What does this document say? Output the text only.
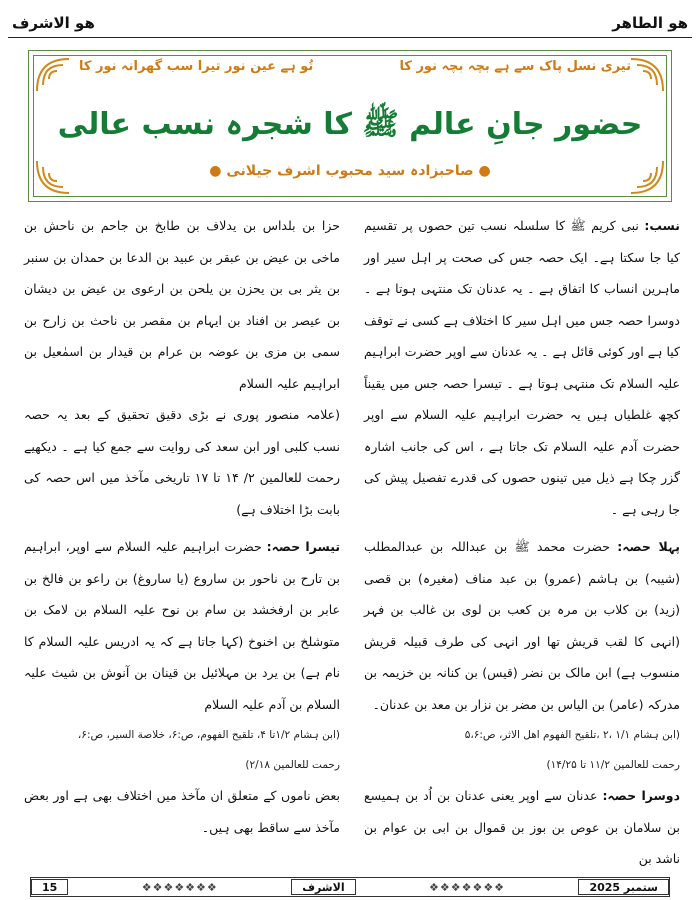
هو الطاهر
هو الاشرف
تیری نسل پاک سے ہے بچہ بچہ نور کا
تُو ہے عین نور تیرا سب گھرانہ نور کا
حضور جانِ عالم ﷺ کا شجرہ نسب عالی
● صاحبزادہ سید محبوب اشرف جیلانی ●

نسب: نبی کریم ﷺ کا سلسلہ نسب تین حصوں پر تقسیم کیا جا سکتا ہے۔ ایک حصہ جس کی صحت پر اہل سیر اور ماہرین انساب کا اتفاق ہے ۔ یہ عدنان تک منتہی ہوتا ہے ۔ دوسرا حصہ جس میں اہل سیر کا اختلاف ہے کسی نے توقف کیا ہے اور کوئی قائل ہے ۔ یہ عدنان سے اوپر حضرت ابراہیم علیہ السلام تک منتہی ہوتا ہے ۔ تیسرا حصہ جس میں یقیناً کچھ غلطیاں ہیں یہ حضرت ابراہیم علیہ السلام سے اوپر حضرت آدم علیہ السلام تک جاتا ہے ، اس کی جانب اشارہ گزر چکا ہے ذیل میں تینوں حصوں کی قدرے تفصیل پیش کی جا رہی ہے ۔

پہلا حصہ: حضرت محمد ﷺ بن عبداللہ بن عبدالمطلب (شیبہ) بن ہاشم (عمرو) بن عبد مناف (مغیرہ) بن قصی (زید) بن کلاب بن مرہ بن کعب بن لوی بن غالب بن فہر (انہی کا لقب قریش تھا اور انہی کی طرف قبیلہ قریش منسوب ہے) ابن مالک بن نضر (قیس) بن کنانہ بن خزیمہ بن مدرکہ (عامر) بن الیاس بن مضر بن نزار بن معد بن عدنان۔

(ابن ہشام ۱/۱ ،۲ ،تلقیح الفهوم اهل الاثر، ص:۵،۶

رحمت للعالمین ۱۱/۲ تا ۱۴/۲۵)

دوسرا حصہ: عدنان سے اوپر یعنی عدنان بن اُد بن ہمیسع بن سلامان بن عوص بن بوز بن قموال بن ابی بن عوام بن ناشد بن

حزا بن بلداس بن یدلاف بن طابخ بن جاحم بن ناحش بن ماخی بن عیض بن عبقر بن عبید بن الدعا بن حمدان بن سنبر بن یثر بی بن یحزن بن یلحن بن ارعوی بن عیض بن دیشان بن عیصر بن افناد بن ایہام بن مقصر بن ناحث بن زارح بن سمی بن مزی بن عوضہ بن عرام بن قیدار بن اسمٰعیل بن ابراہیم علیہ السلام

(علامہ منصور پوری نے بڑی دقیق تحقیق کے بعد یہ حصہ نسب کلبی اور ابن سعد کی روایت سے جمع کیا ہے ۔ دیکھیے رحمت للعالمین ۲/ ۱۴ تا ۱۷ تاریخی مآخذ میں اس حصہ کی بابت بڑا اختلاف ہے)

تیسرا حصہ: حضرت ابراہیم علیہ السلام سے اوپر، ابراہیم بن تارح بن ناحور بن ساروع (یا ساروغ) بن راعو بن فالخ بن عابر بن ارفخشد بن سام بن نوح علیہ السلام بن لامک بن متوشلخ بن اخنوخ (کہا جاتا ہے کہ یہ ادریس علیہ السلام کا نام ہے) بن یرد بن مہلائیل بن قینان بن آنوش بن شیث علیہ السلام بن آدم علیہ السلام

(ابن ہشام ۱/۲تا ۴، تلقیح الفهوم، ص:۶، خلاصة السیر، ص:۶،

رحمت للعالمین ۲/۱۸)

بعض ناموں کے متعلق ان مآخذ میں اختلاف بھی ہے اور بعض مآخذ سے ساقط بھی ہیں۔

15	❖❖❖❖❖❖❖	الاشرف	❖❖❖❖❖❖❖	ستمبر 2025
